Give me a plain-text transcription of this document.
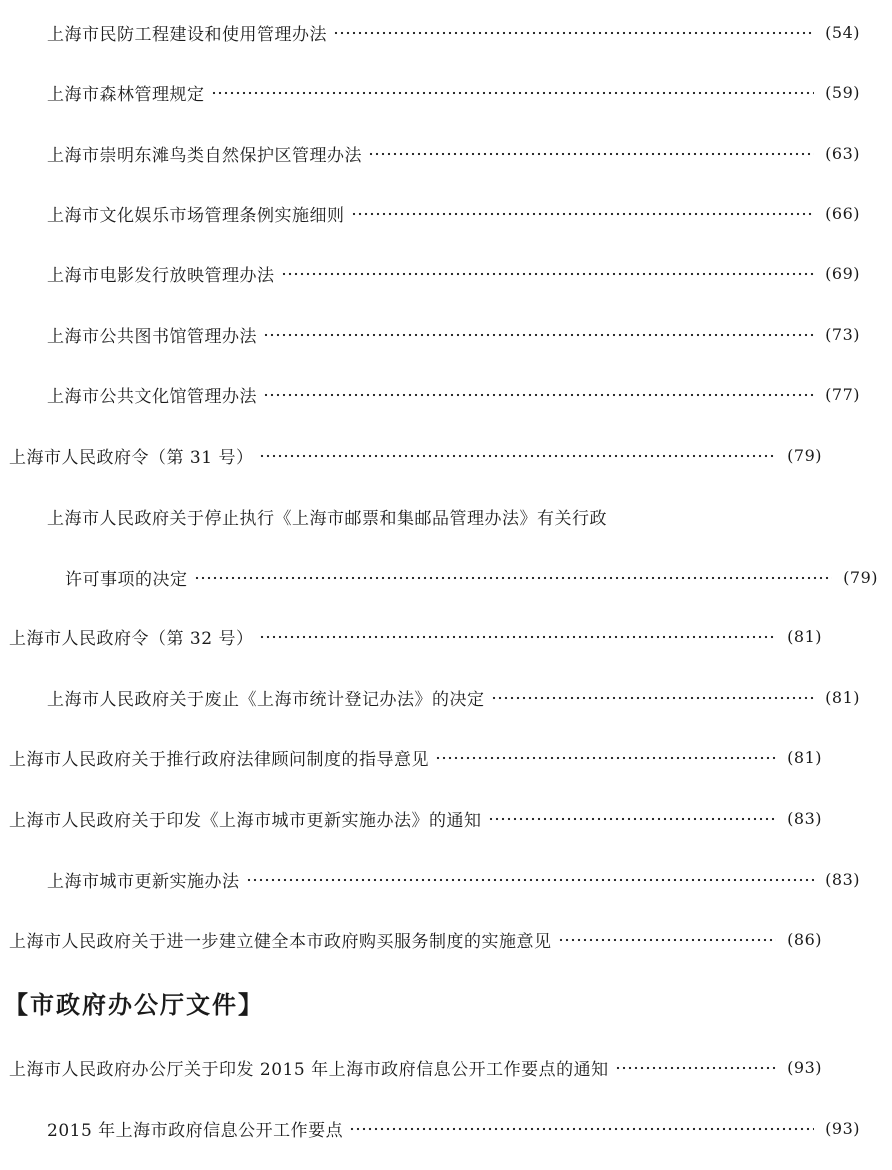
上海市民防工程建设和使用管理办法	( 54 )
上海市森林管理规定	( 59 )
上海市崇明东滩鸟类自然保护区管理办法	( 63 )
上海市文化娱乐市场管理条例实施细则	( 66 )
上海市电影发行放映管理办法	( 69 )
上海市公共图书馆管理办法	( 73 )
上海市公共文化馆管理办法	( 77 )
上海市人民政府令（第 31 号）	( 79 )
上海市人民政府关于停止执行《上海市邮票和集邮品管理办法》有关行政
许可事项的决定	( 79 )
上海市人民政府令（第 32 号）	( 81 )
上海市人民政府关于废止《上海市统计登记办法》的决定	( 81 )
上海市人民政府关于推行政府法律顾问制度的指导意见	( 81 )
上海市人民政府关于印发《上海市城市更新实施办法》的通知	( 83 )
上海市城市更新实施办法	( 83 )
上海市人民政府关于进一步建立健全本市政府购买服务制度的实施意见	( 86 )
【市政府办公厅文件】
上海市人民政府办公厅关于印发 2015 年上海市政府信息公开工作要点的通知	( 93 )
2015 年上海市政府信息公开工作要点	( 93 )
